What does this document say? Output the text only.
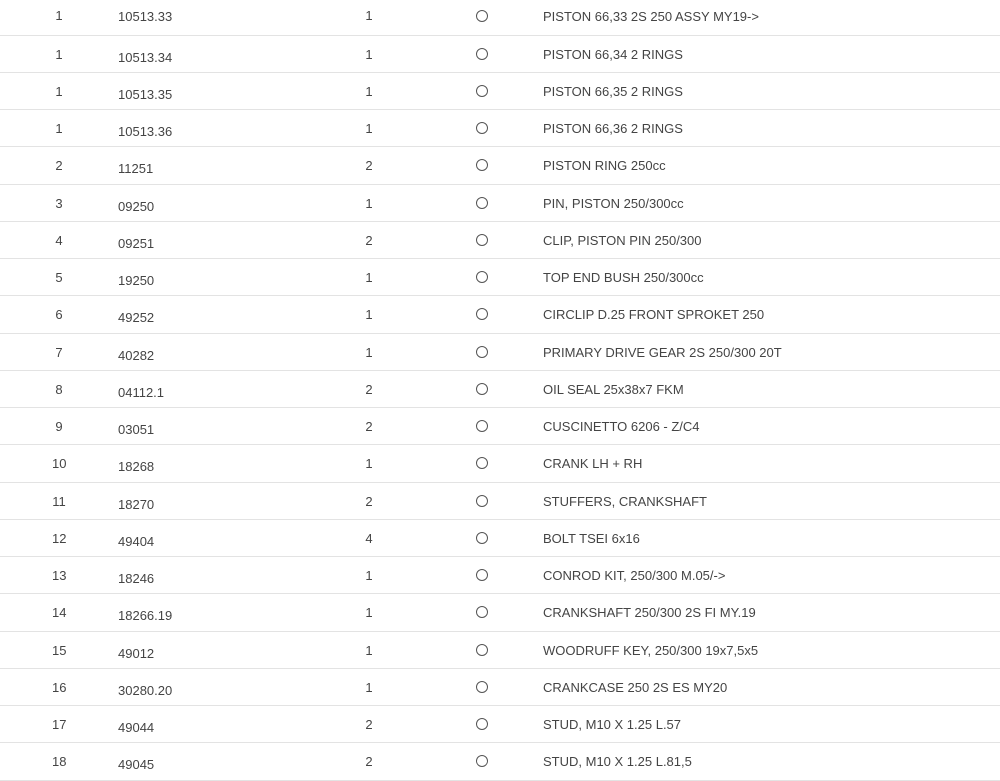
1	10513.33	1	PISTON 66,33 2S 250 ASSY MY19->
1	10513.34	1	PISTON 66,34 2 RINGS
1	10513.35	1	PISTON 66,35 2 RINGS
1	10513.36	1	PISTON 66,36 2 RINGS
2	11251	2	PISTON RING 250cc
3	09250	1	PIN, PISTON 250/300cc
4	09251	2	CLIP, PISTON PIN 250/300
5	19250	1	TOP END BUSH 250/300cc
6	49252	1	CIRCLIP D.25 FRONT SPROKET 250
7	40282	1	PRIMARY DRIVE GEAR 2S 250/300 20T
8	04112.1	2	OIL SEAL 25x38x7 FKM
9	03051	2	CUSCINETTO 6206 - Z/C4
10	18268	1	CRANK LH + RH
11	18270	2	STUFFERS, CRANKSHAFT
12	49404	4	BOLT TSEI 6x16
13	18246	1	CONROD KIT, 250/300 M.05/->
14	18266.19	1	CRANKSHAFT 250/300 2S FI MY.19
15	49012	1	WOODRUFF KEY, 250/300 19x7,5x5
16	30280.20	1	CRANKCASE 250 2S ES MY20
17	49044	2	STUD, M10 X 1.25 L.57
18	49045	2	STUD, M10 X 1.25 L.81,5
